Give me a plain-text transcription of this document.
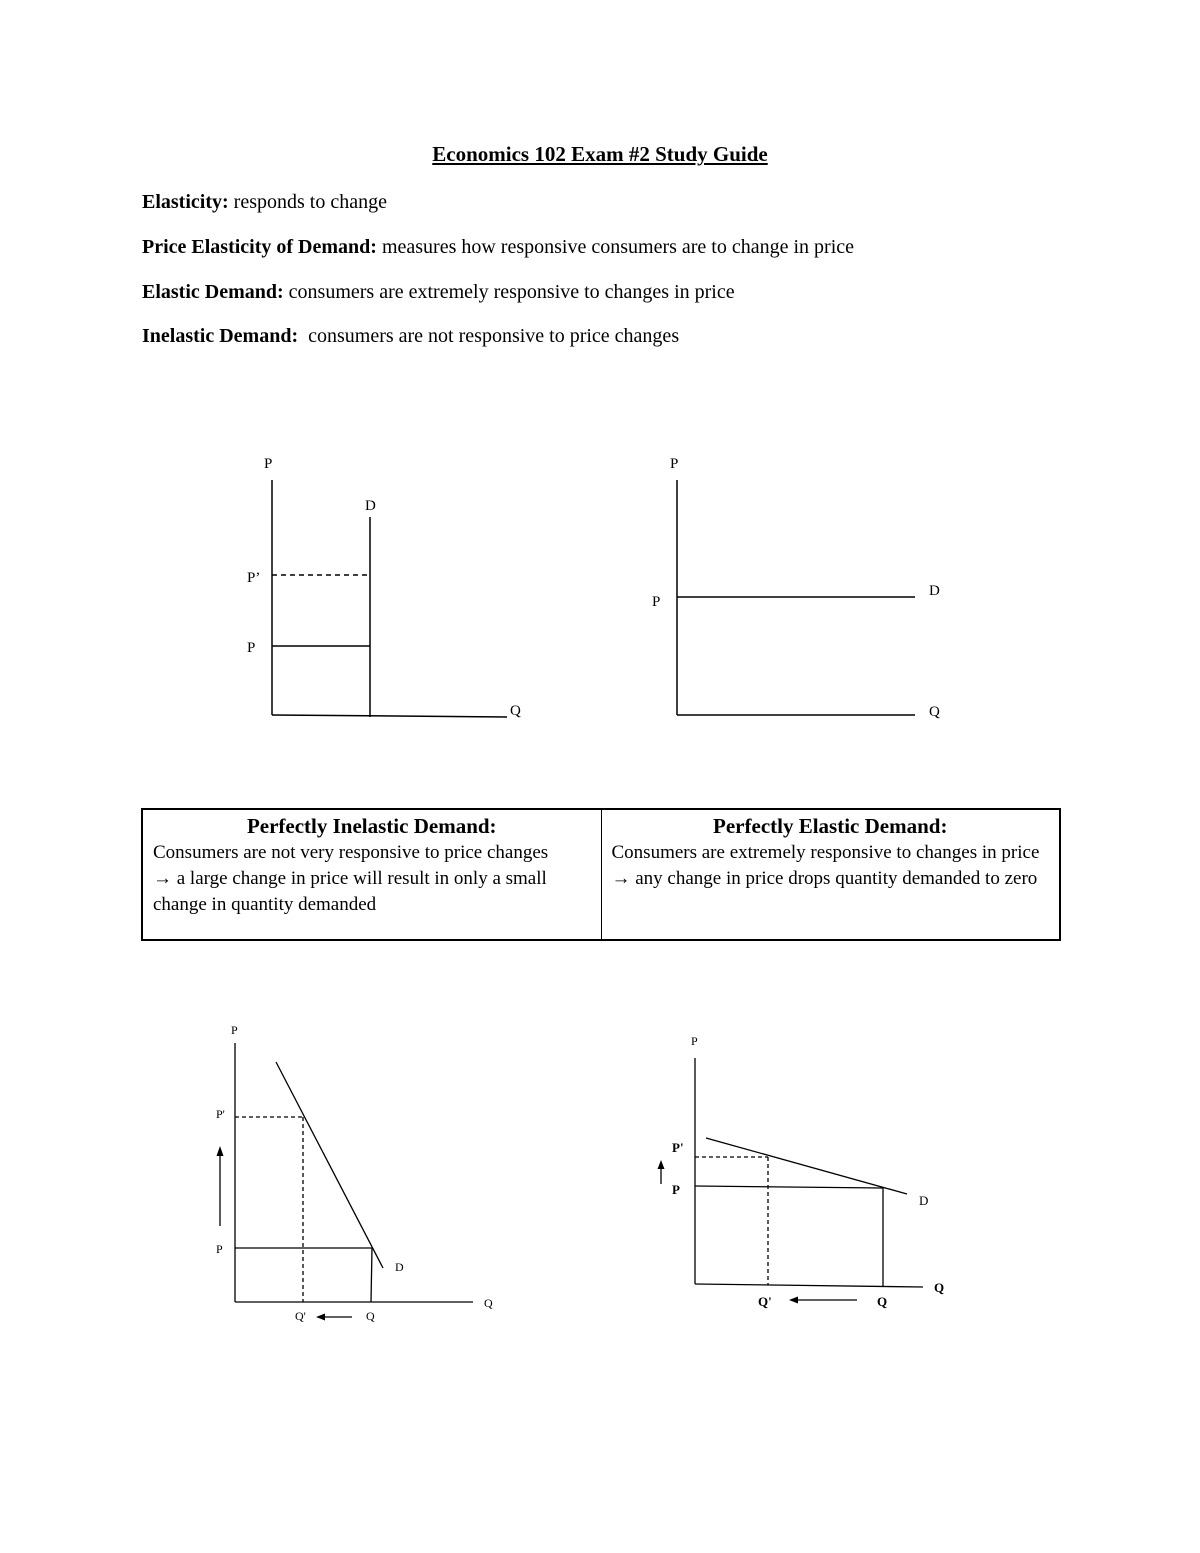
Economics 102 Exam #2 Study Guide
Elasticity: responds to change
Price Elasticity of Demand: measures how responsive consumers are to change in price
Elastic Demand: consumers are extremely responsive to changes in price
Inelastic Demand:  consumers are not responsive to price changes
P
D
P’
P
Q
P
P
D
Q
P
P'
P
D
Q'	Q
Q
P
P'
P
D
Q
Q'	Q
Perfectly Inelastic Demand:
Consumers are not very responsive to price changes
→ a large change in price will result in only a small change in quantity demanded

Perfectly Elastic Demand:
Consumers are extremely responsive to changes in price
→ any change in price drops quantity demanded to zero
